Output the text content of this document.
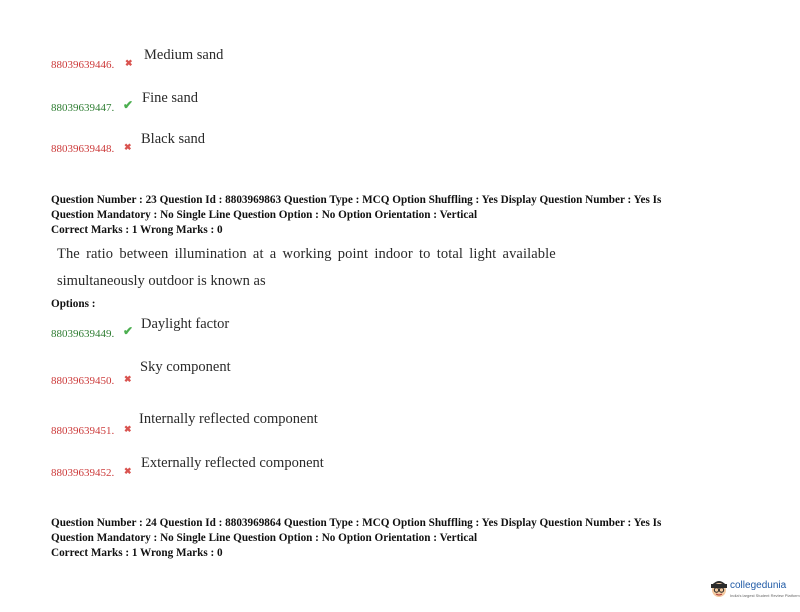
88039639446. ✖ Medium sand
88039639447. ✔ Fine sand
88039639448. ✖ Black sand
Question Number : 23 Question Id : 8803969863 Question Type : MCQ Option Shuffling : Yes Display Question Number : Yes Is
Question Mandatory : No Single Line Question Option : No Option Orientation : Vertical
Correct Marks : 1 Wrong Marks : 0
The ratio between illumination at a working point indoor to total light available
simultaneously outdoor is known as
Options :
88039639449. ✔ Daylight factor
88039639450. ✖
Sky component
88039639451. ✖
Internally reflected component
88039639452. ✖ Externally reflected component
Question Number : 24 Question Id : 8803969864 Question Type : MCQ Option Shuffling : Yes Display Question Number : Yes Is
Question Mandatory : No Single Line Question Option : No Option Orientation : Vertical
Correct Marks : 1 Wrong Marks : 0
collegedunia
India's largest Student Review Platform
